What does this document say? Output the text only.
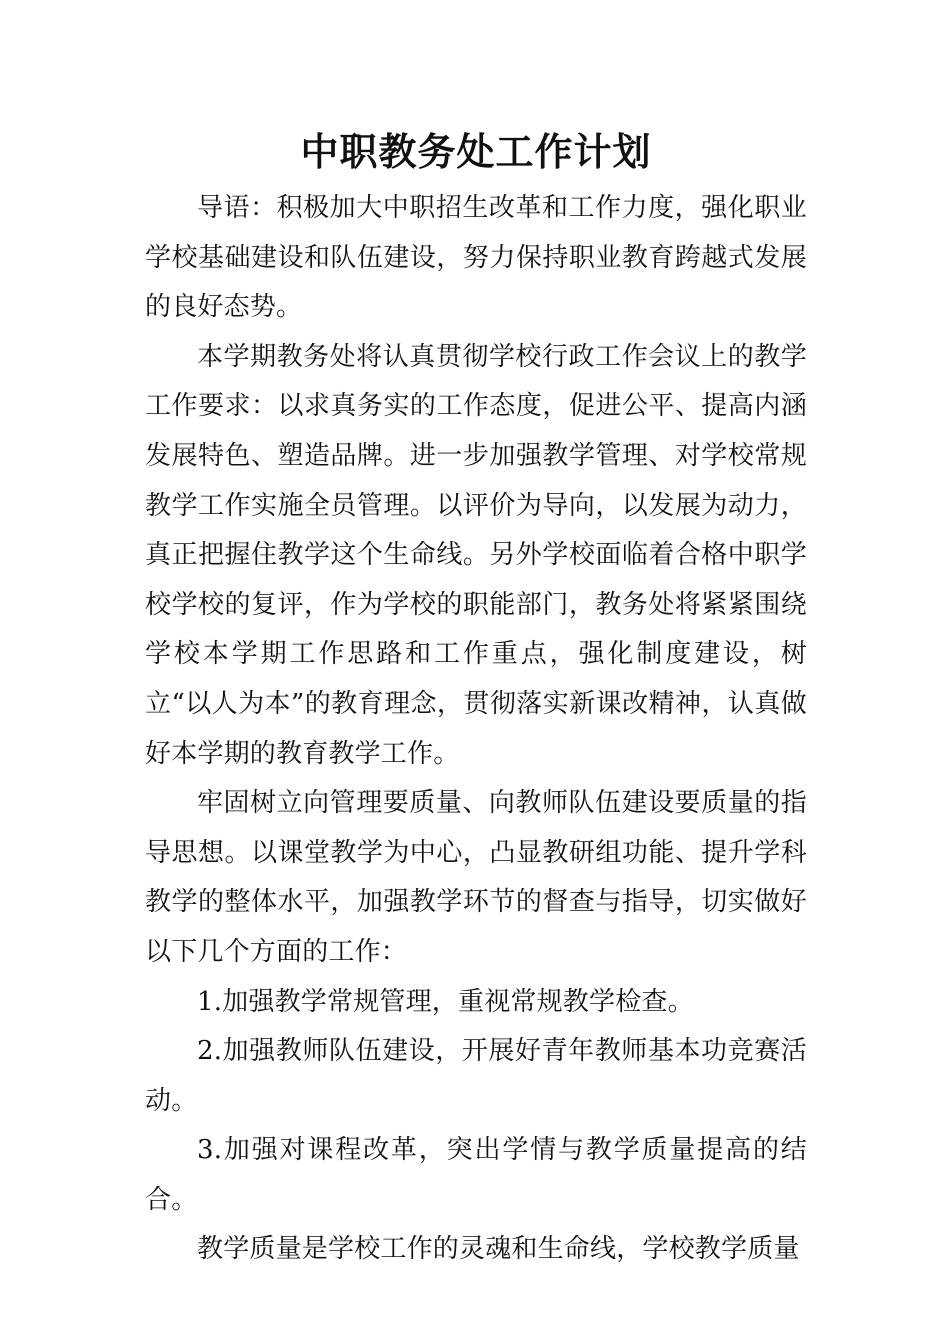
中职教务处工作计划

导语：积极加大中职招生改革和工作力度，强化职业学校基础建设和队伍建设，努力保持职业教育跨越式发展的良好态势。

本学期教务处将认真贯彻学校行政工作会议上的教学工作要求：以求真务实的工作态度，促进公平、提高内涵发展特色、塑造品牌。进一步加强教学管理、对学校常规教学工作实施全员管理。以评价为导向，以发展为动力，真正把握住教学这个生命线。另外学校面临着合格中职学校学校的复评，作为学校的职能部门，教务处将紧紧围绕学校本学期工作思路和工作重点，强化制度建设，树立“以人为本”的教育理念，贯彻落实新课改精神，认真做好本学期的教育教学工作。

牢固树立向管理要质量、向教师队伍建设要质量的指导思想。以课堂教学为中心，凸显教研组功能、提升学科教学的整体水平，加强教学环节的督查与指导，切实做好以下几个方面的工作：

1.加强教学常规管理，重视常规教学检查。

2.加强教师队伍建设，开展好青年教师基本功竞赛活动。

3.加强对课程改革，突出学情与教学质量提高的结合。

教学质量是学校工作的灵魂和生命线，学校教学质量
